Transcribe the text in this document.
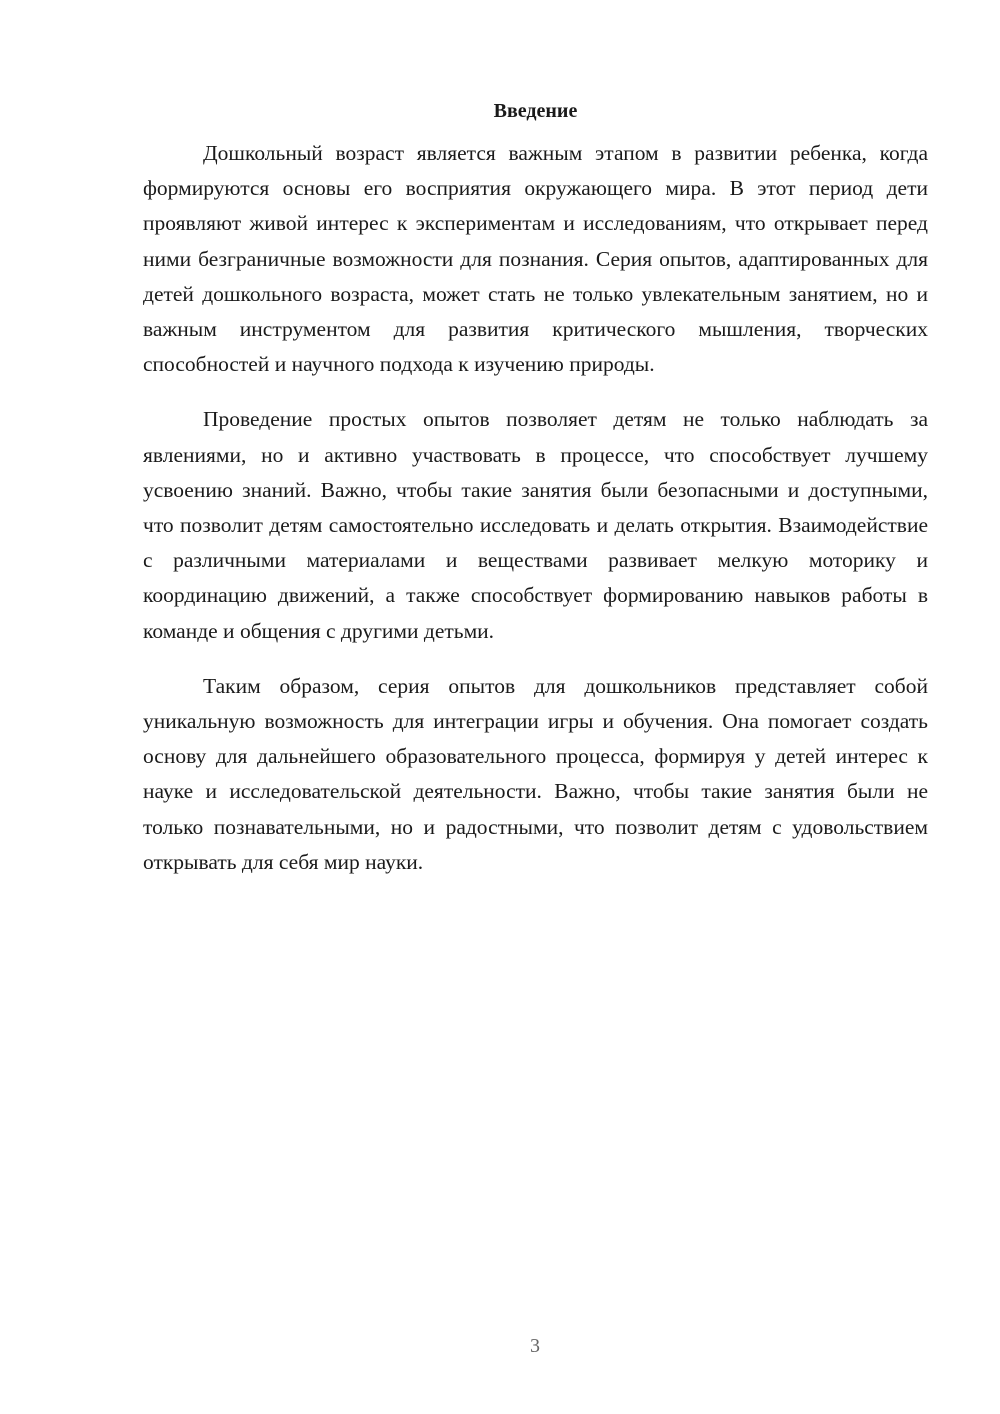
Введение

Дошкольный возраст является важным этапом в развитии ребенка, когда формируются основы его восприятия окружающего мира. В этот период дети проявляют живой интерес к экспериментам и исследованиям, что открывает перед ними безграничные возможности для познания. Серия опытов, адаптированных для детей дошкольного возраста, может стать не только увлекательным занятием, но и важным инструментом для развития критического мышления, творческих способностей и научного подхода к изучению природы.

Проведение простых опытов позволяет детям не только наблюдать за явлениями, но и активно участвовать в процессе, что способствует лучшему усвоению знаний. Важно, чтобы такие занятия были безопасными и доступными, что позволит детям самостоятельно исследовать и делать открытия. Взаимодействие с различными материалами и веществами развивает мелкую моторику и координацию движений, а также способствует формированию навыков работы в команде и общения с другими детьми.

Таким образом, серия опытов для дошкольников представляет собой уникальную возможность для интеграции игры и обучения. Она помогает создать основу для дальнейшего образовательного процесса, формируя у детей интерес к науке и исследовательской деятельности. Важно, чтобы такие занятия были не только познавательными, но и радостными, что позволит детям с удовольствием открывать для себя мир науки.

3
